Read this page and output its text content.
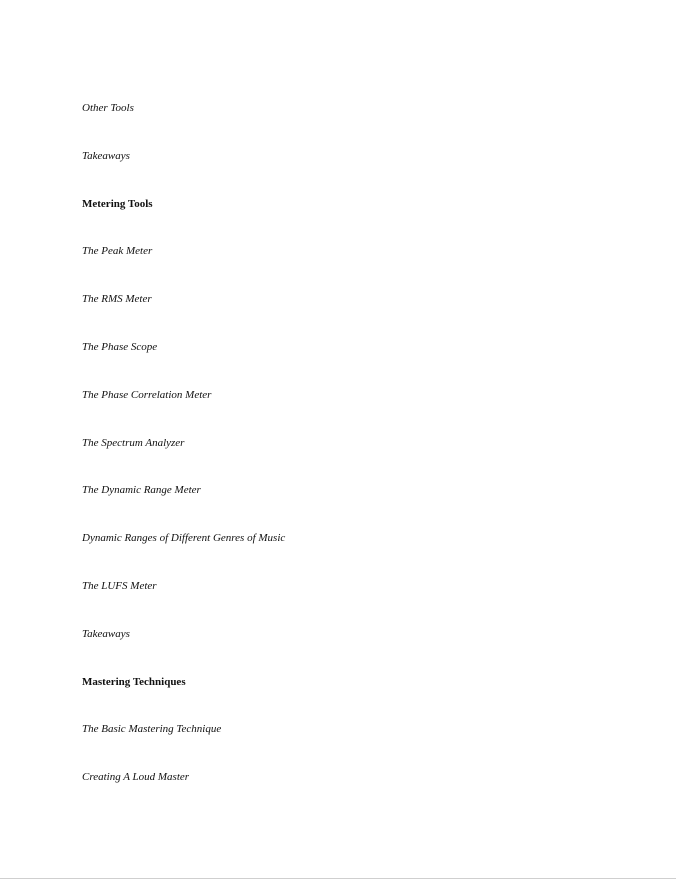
Other Tools
Takeaways
Metering Tools
The Peak Meter
The RMS Meter
The Phase Scope
The Phase Correlation Meter
The Spectrum Analyzer
The Dynamic Range Meter
Dynamic Ranges of Different Genres of Music
The LUFS Meter
Takeaways
Mastering Techniques
The Basic Mastering Technique
Creating A Loud Master
